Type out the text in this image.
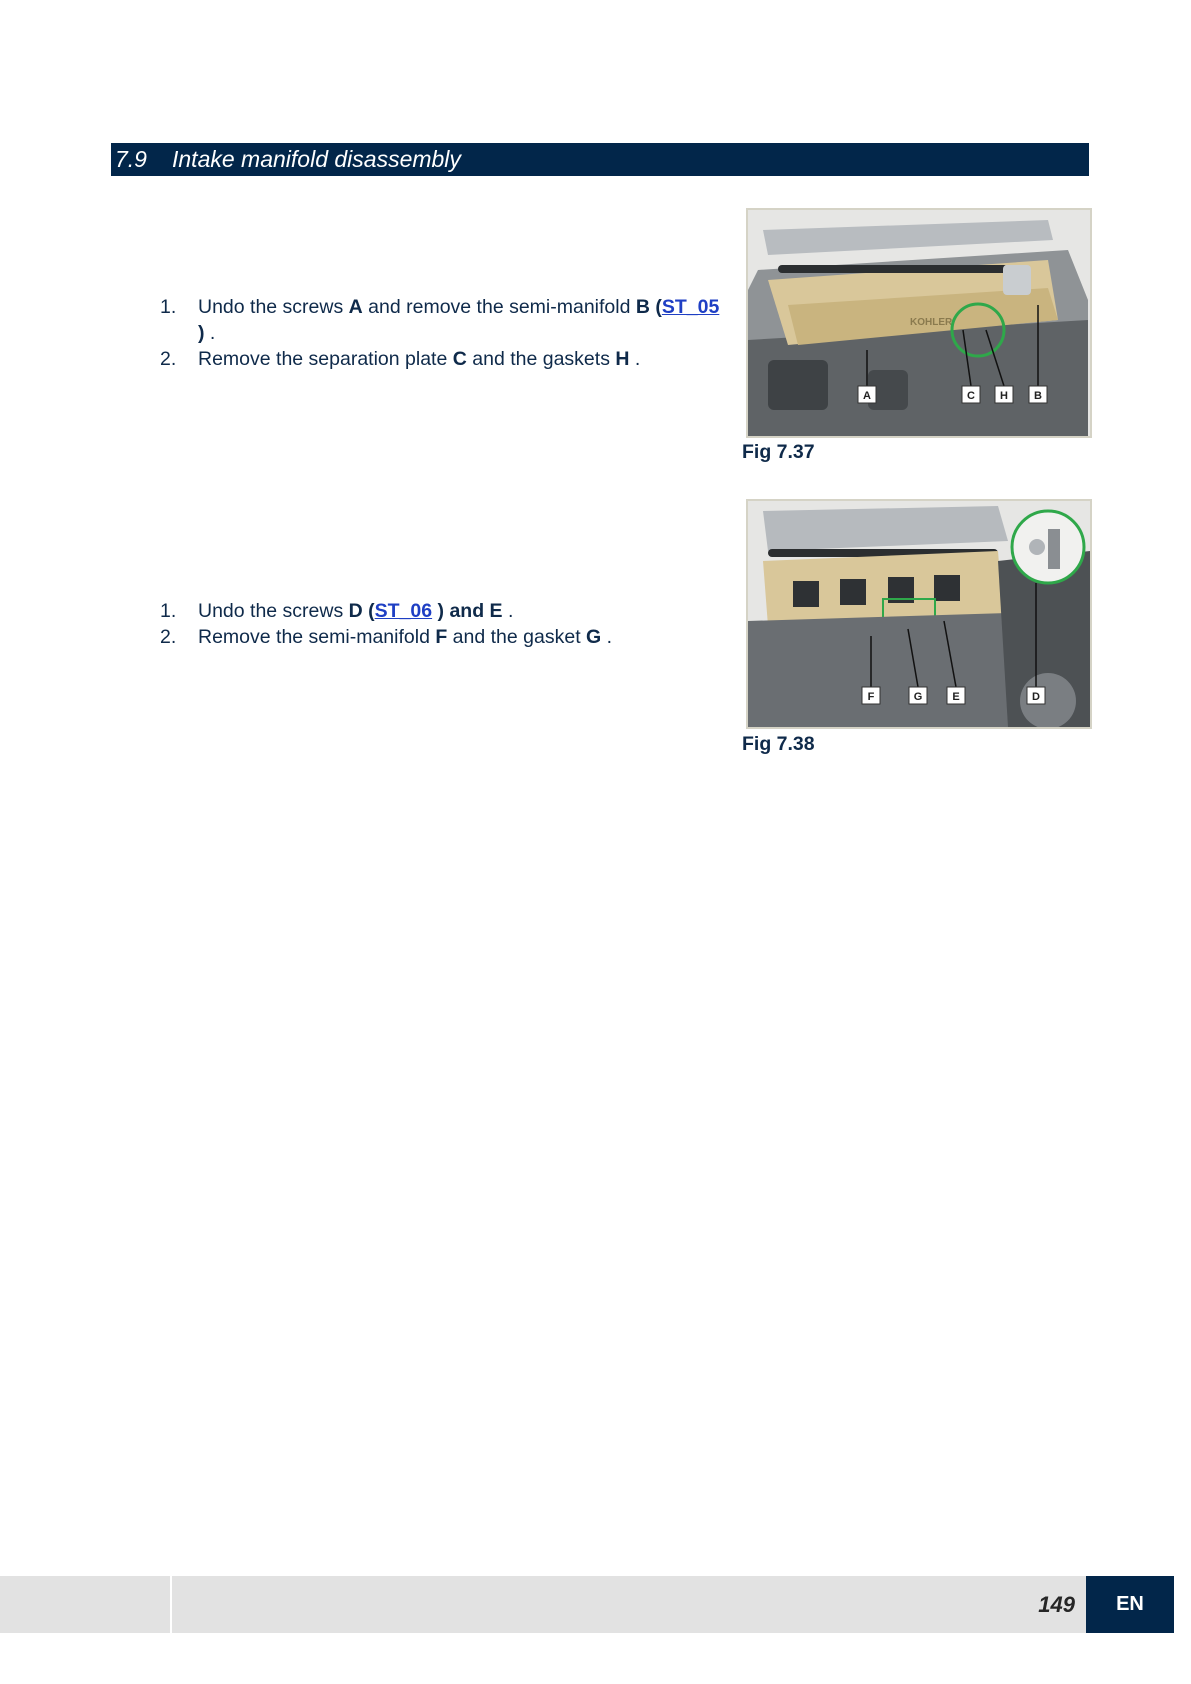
7.9 Intake manifold disassembly
1. Undo the screws A and remove the semi-manifold B (ST_05 ) .
2. Remove the separation plate C and the gaskets H .
KOHLER
A	C H B
Fig 7.37
1. Undo the screws D (ST_06 ) and E .
2. Remove the semi-manifold F and the gasket G .
F	G	E	D
Fig 7.38
149	EN
